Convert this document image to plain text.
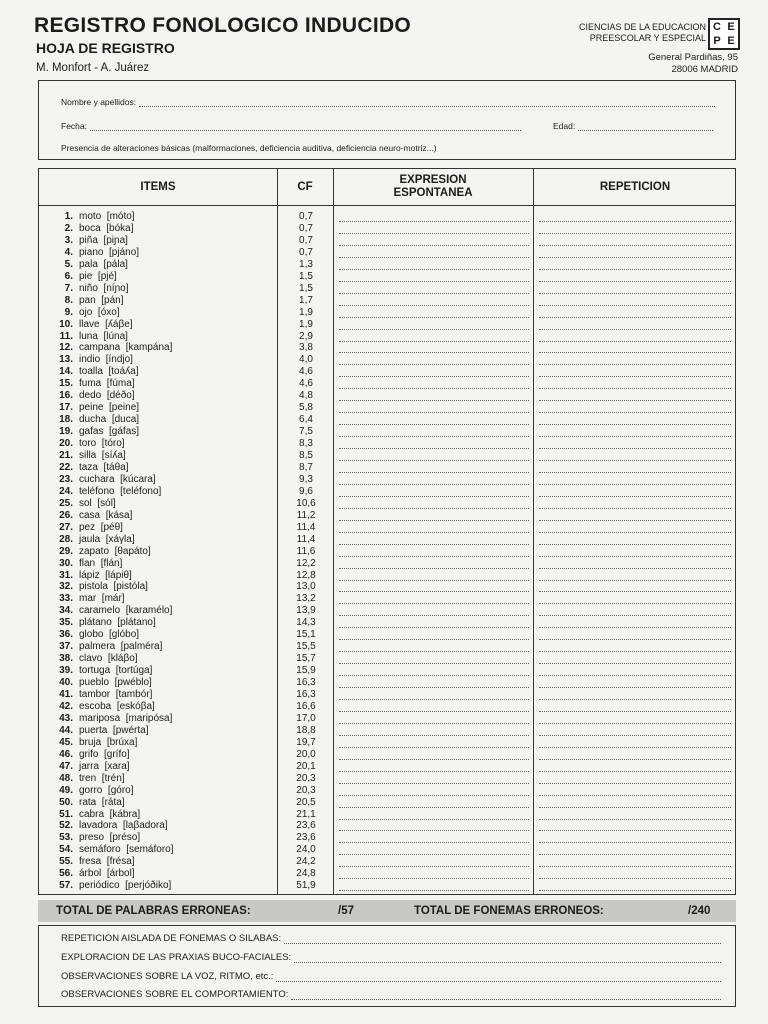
REGISTRO FONOLOGICO INDUCIDO
HOJA DE REGISTRO
M. Monfort - A. Juárez
CIENCIAS DE LA EDUCACION
PREESCOLAR Y ESPECIAL
C E
P E
General Pardiñas, 95
28006 MADRID
Nombre y apellidos:
Fecha:	Edad:
Presencia de alteraciones básicas (malformaciones, deficiencia auditiva, deficiencia neuro-motriz...)
ITEMS	CF
EXPRESION ESPONTANEA
REPETICION
1. moto [móto]	0,7
2. boca [bóka]	0,7
3. piña [piɲa]	0,7
4. piano [pjáno]	0,7
5. pala [pála]	1,3
6. pie [pjé]	1,5
7. niño [níɲo]	1,5
8. pan [pán]	1,7
9. ojo [óxo]	1,9
10. llave [ʎáβe]	1,9
11. luna [lúna]	2,9
12. campana [kampána]	3,8
13. indio [índjo]	4,0
14. toalla [toáʎa]	4,6
15. fuma [fúma]	4,6
16. dedo [déðo]	4,8
17. peine [peine]	5,8
18. ducha [duca]	6,4
19. gafas [gáfas]	7,5
20. toro [tóro]	8,3
21. silla [síʎa]	8,5
22. taza [táθa]	8,7
23. cuchara [kúcara]	9,3
24. teléfono [teléfono]	9,6
25. sol [sól]	10,6
26. casa [kása]	11,2
27. pez [péθ]	11,4
28. jaula [xáγla]	11,4
29. zapato [θapáto]	11,6
30. flan [flán]	12,2
31. lápiz [lápiθ]	12,8
32. pistola [pistóla]	13,0
33. mar [már]	13,2
34. caramelo [karamélo]	13,9
35. plátano [plátano]	14,3
36. globo [glóbo]	15,1
37. palmera [palméra]	15,5
38. clavo [kláβo]	15,7
39. tortuga [tortúga]	15,9
40. pueblo [pwéblo]	16,3
41. tambor [tambór]	16,3
42. escoba [eskóβa]	16,6
43. mariposa [maripósa]	17,0
44. puerta [pwérta]	18,8
45. bruja [brúxa]	19,7
46. grifo [grífo]	20,0
47. jarra [xara]	20,1
48. tren [trén]	20,3
49. gorro [góro]	20,3
50. rata [ráta]	20,5
51. cabra [kábra]	21,1
52. lavadora [laβadora]	23,6
53. preso [préso]	23,6
54. semáforo [semáforo]	24,0
55. fresa [frésa]	24,2
56. árbol [árbol]	24,8
57. periódico [perjóðiko]	51,9
TOTAL DE PALABRAS ERRONEAS:	/57	TOTAL DE FONEMAS ERRONEOS:	/240
REPETICION AISLADA DE FONEMAS O SILABAS:
EXPLORACION DE LAS PRAXIAS BUCO-FACIALES:
OBSERVACIONES SOBRE LA VOZ, RITMO, etc.:
OBSERVACIONES SOBRE EL COMPORTAMIENTO:
